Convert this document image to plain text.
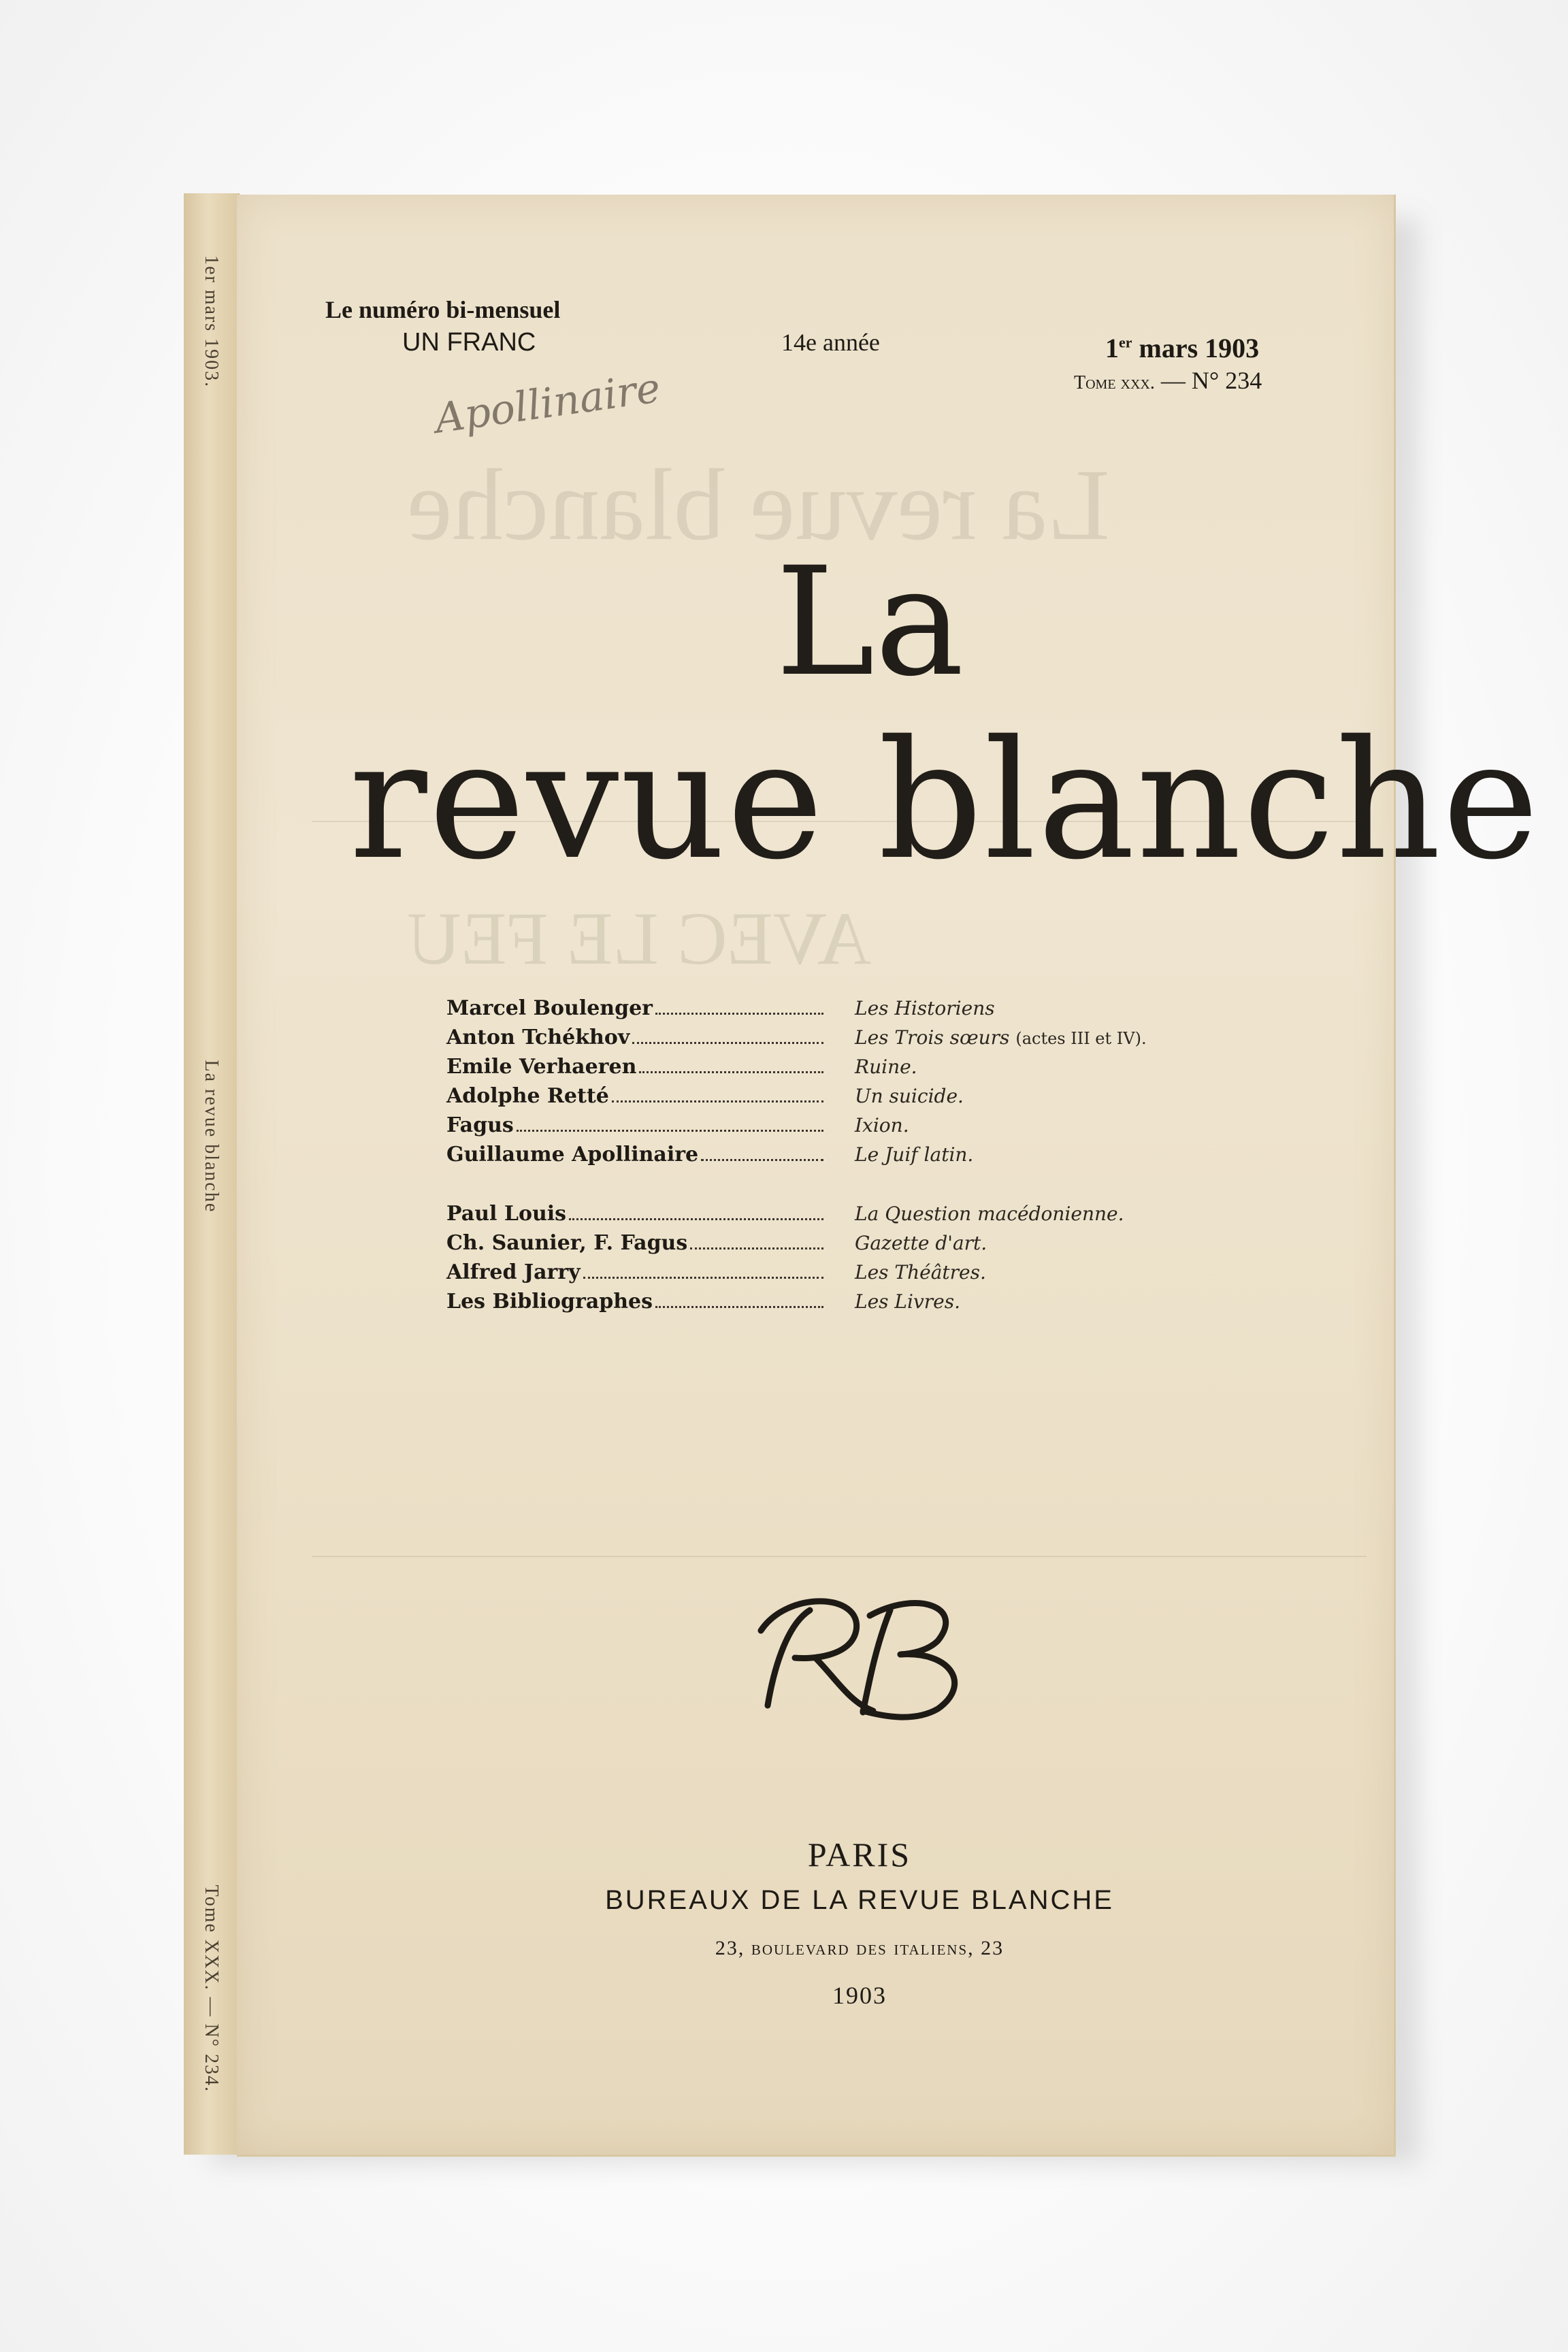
1er mars 1903.
La revue blanche
Tome XXX. — N° 234.
La revue blanche
AVEC LE FEU
Le numéro bi-mensuel
UN FRANC	14e année	1er mars 1903
Tome xxx. — N° 234
Apollinaire
La
revue blanche
Marcel Boulenger	Les Historiens
Anton Tchékhov	Les Trois sœurs (actes III et IV).
Emile Verhaeren	Ruine.
Adolphe Retté	Un suicide.
Fagus	Ixion.
Guillaume Apollinaire	Le Juif latin.
Paul Louis	La Question macédonienne.
Ch. Saunier, F. Fagus	Gazette d'art.
Alfred Jarry	Les Théâtres.
Les Bibliographes	Les Livres.
PARIS
BUREAUX DE LA REVUE BLANCHE
23, boulevard des italiens, 23
1903
